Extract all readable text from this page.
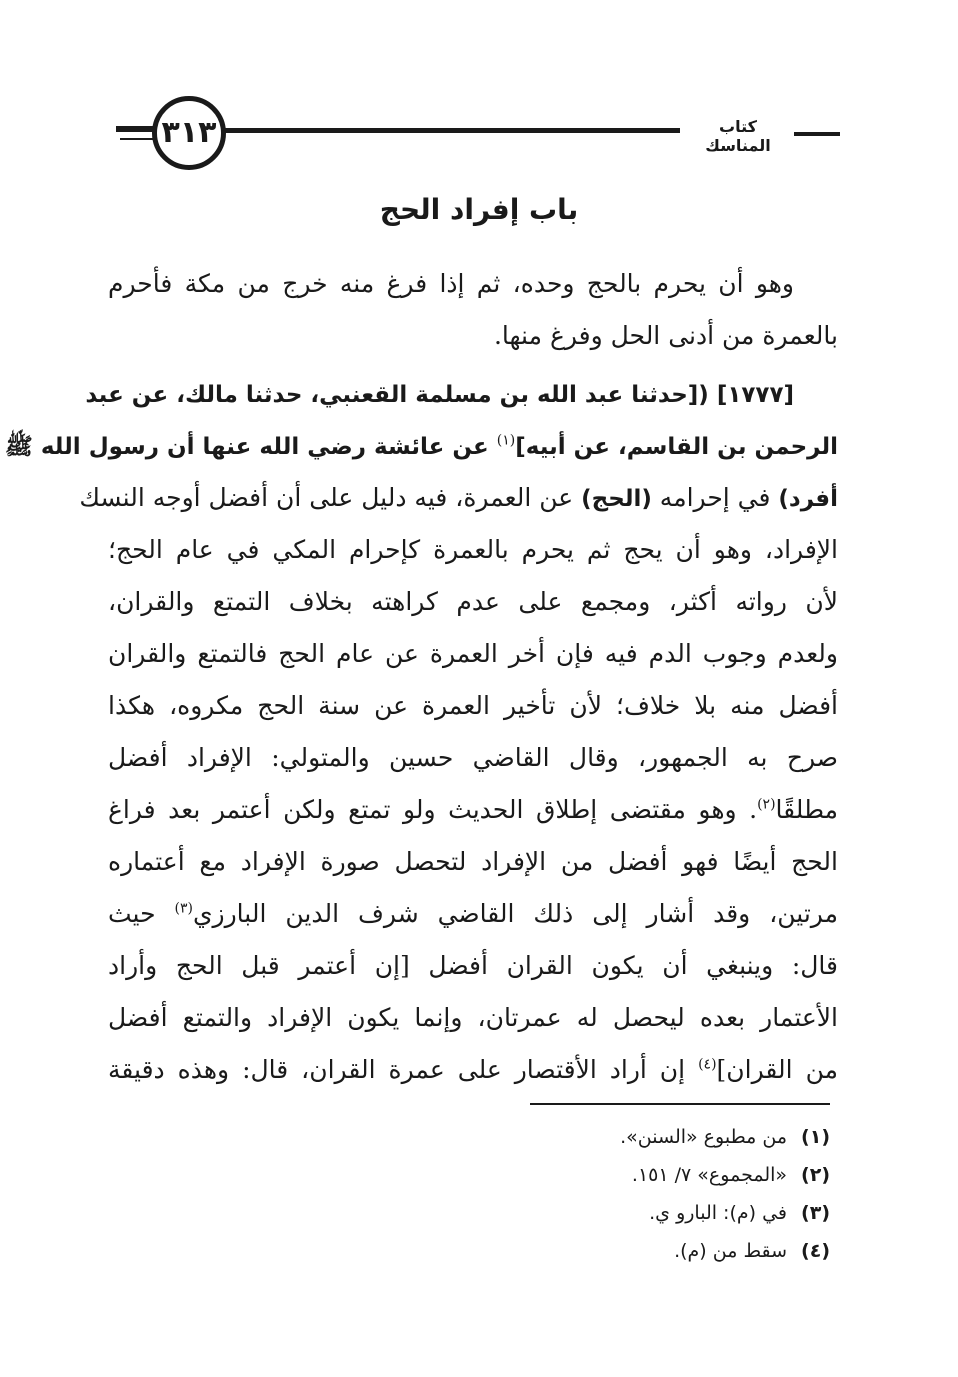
٣١٣	كتاب المناسك
باب إفراد الحج
وهو أن يحرم بالحج وحده، ثم إذا فرغ منه خرج من مكة فأحرم
بالعمرة من أدنى الحل وفرغ منها.
[١٧٧٧] ([حدثنا عبد الله بن مسلمة القعنبي، حدثنا مالك، عن عبد
الرحمن بن القاسم، عن أبيه]$^{(١)}$ عن عائشة رضي الله عنها أن رسول الله ﷺ
أفرد) في إحرامه (الحج) عن العمرة، فيه دليل على أن أفضل أوجه النسك
الإفراد، وهو أن يحج ثم يحرم بالعمرة كإحرام المكي في عام الحج؛
لأن رواته أكثر، ومجمع على عدم كراهته بخلاف التمتع والقران،
ولعدم وجوب الدم فيه فإن أخر العمرة عن عام الحج فالتمتع والقران
أفضل منه بلا خلاف؛ لأن تأخير العمرة عن سنة الحج مكروه، هكذا
صرح به الجمهور، وقال القاضي حسين والمتولي: الإفراد أفضل
مطلقًا$^{(٢)}$. وهو مقتضى إطلاق الحديث ولو تمتع ولكن أعتمر بعد فراغ
الحج أيضًا فهو أفضل من الإفراد لتحصل صورة الإفراد مع أعتماره
مرتين، وقد أشار إلى ذلك القاضي شرف الدين البارزي$^{(٣)}$ حيث
قال: وينبغي أن يكون القران أفضل [إن أعتمر قبل الحج وأراد
الأعتمار بعده ليحصل له عمرتان، وإنما يكون الإفراد والتمتع أفضل
من القران]$^{(٤)}$ إن أراد الأقتصار على عمرة القران، قال: وهذه دقيقة
(١)من مطبوع «السنن».
(٢)«المجموع» ٧/ ١٥١.
(٣)في (م): البارو ي.
(٤)سقط من (م).
